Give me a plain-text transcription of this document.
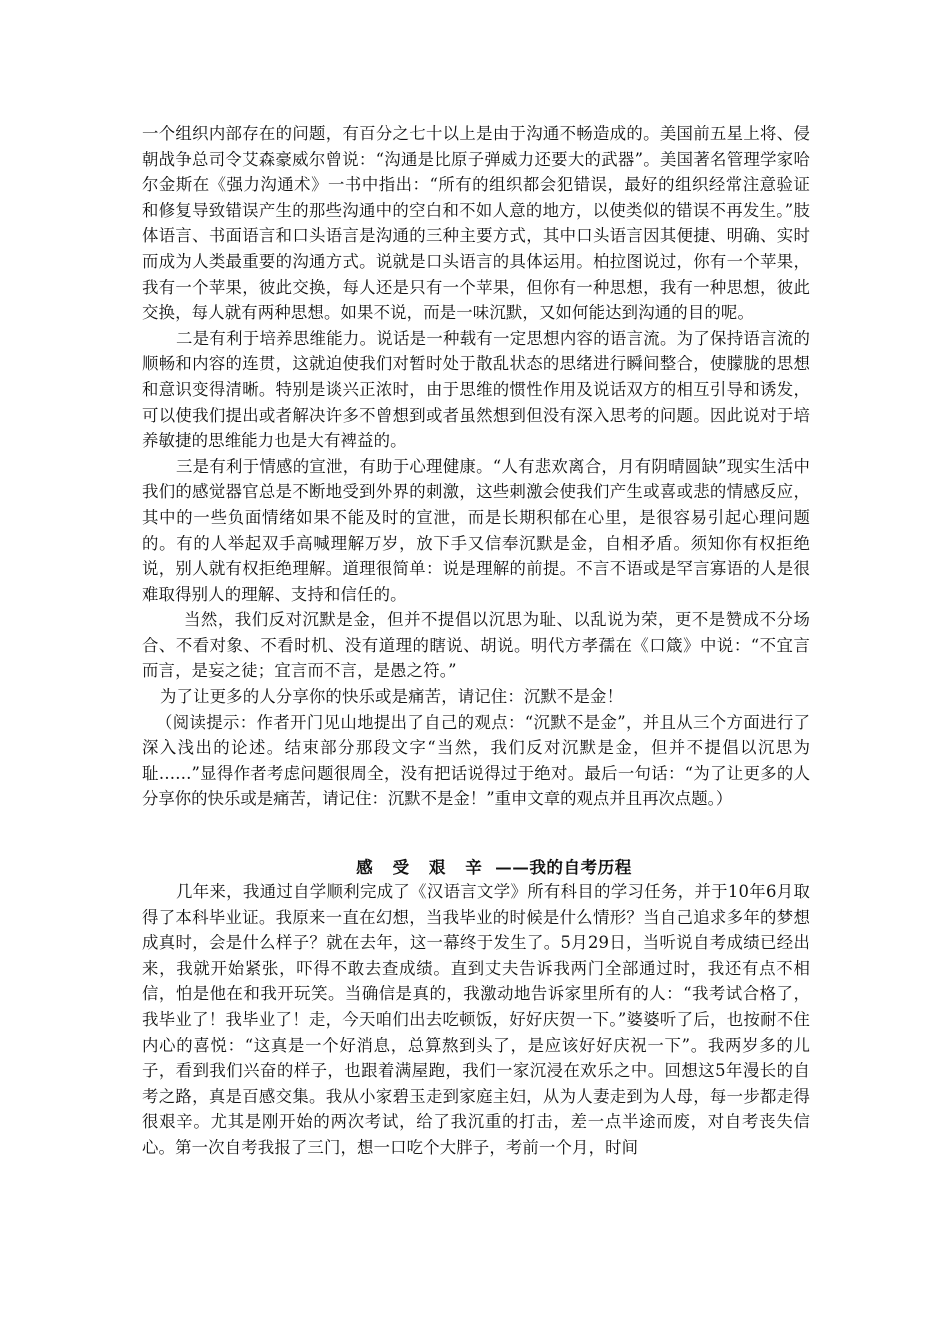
一个组织内部存在的问题，有百分之七十以上是由于沟通不畅造成的。美国前五星上将、侵朝战争总司令艾森豪威尔曾说：“沟通是比原子弹威力还要大的武器”。美国著名管理学家哈尔金斯在《强力沟通术》一书中指出：“所有的组织都会犯错误，最好的组织经常注意验证和修复导致错误产生的那些沟通中的空白和不如人意的地方，以使类似的错误不再发生。”肢体语言、书面语言和口头语言是沟通的三种主要方式，其中口头语言因其便捷、明确、实时而成为人类最重要的沟通方式。说就是口头语言的具体运用。柏拉图说过，你有一个苹果，我有一个苹果，彼此交换，每人还是只有一个苹果，但你有一种思想，我有一种思想，彼此交换，每人就有两种思想。如果不说，而是一味沉默，又如何能达到沟通的目的呢。

二是有利于培养思维能力。说话是一种载有一定思想内容的语言流。为了保持语言流的顺畅和内容的连贯，这就迫使我们对暂时处于散乱状态的思绪进行瞬间整合，使朦胧的思想和意识变得清晰。特别是谈兴正浓时，由于思维的惯性作用及说话双方的相互引导和诱发，可以使我们提出或者解决许多不曾想到或者虽然想到但没有深入思考的问题。因此说对于培养敏捷的思维能力也是大有裨益的。

三是有利于情感的宣泄，有助于心理健康。“人有悲欢离合，月有阴晴圆缺”现实生活中我们的感觉器官总是不断地受到外界的刺激，这些刺激会使我们产生或喜或悲的情感反应，其中的一些负面情绪如果不能及时的宣泄，而是长期积郁在心里，是很容易引起心理问题的。有的人举起双手高喊理解万岁，放下手又信奉沉默是金，自相矛盾。须知你有权拒绝说，别人就有权拒绝理解。道理很简单：说是理解的前提。不言不语或是罕言寡语的人是很难取得别人的理解、支持和信任的。

当然，我们反对沉默是金，但并不提倡以沉思为耻、以乱说为荣，更不是赞成不分场合、不看对象、不看时机、没有道理的瞎说、胡说。明代方孝孺在《口箴》中说：“不宜言而言，是妄之徒；宜言而不言，是愚之符。”

为了让更多的人分享你的快乐或是痛苦，请记住：沉默不是金！

（阅读提示：作者开门见山地提出了自己的观点：“沉默不是金”，并且从三个方面进行了深入浅出的论述。结束部分那段文字“当然，我们反对沉默是金，但并不提倡以沉思为耻……”显得作者考虑问题很周全，没有把话说得过于绝对。最后一句话：“为了让更多的人分享你的快乐或是痛苦，请记住：沉默不是金！”重申文章的观点并且再次点题。）

感 受 艰 辛 ——我的自考历程

几年来，我通过自学顺利完成了《汉语言文学》所有科目的学习任务，并于10年6月取得了本科毕业证。我原来一直在幻想，当我毕业的时候是什么情形？当自己追求多年的梦想成真时，会是什么样子？就在去年，这一幕终于发生了。5月29日，当听说自考成绩已经出来，我就开始紧张，吓得不敢去查成绩。直到丈夫告诉我两门全部通过时，我还有点不相信，怕是他在和我开玩笑。当确信是真的，我激动地告诉家里所有的人：“我考试合格了，我毕业了！我毕业了！走，今天咱们出去吃顿饭，好好庆贺一下。”婆婆听了后，也按耐不住内心的喜悦：“这真是一个好消息，总算熬到头了，是应该好好庆祝一下”。我两岁多的儿子，看到我们兴奋的样子，也跟着满屋跑，我们一家沉浸在欢乐之中。回想这5年漫长的自考之路，真是百感交集。我从小家碧玉走到家庭主妇，从为人妻走到为人母，每一步都走得很艰辛。尤其是刚开始的两次考试，给了我沉重的打击，差一点半途而废，对自考丧失信心。第一次自考我报了三门，想一口吃个大胖子，考前一个月，时间
